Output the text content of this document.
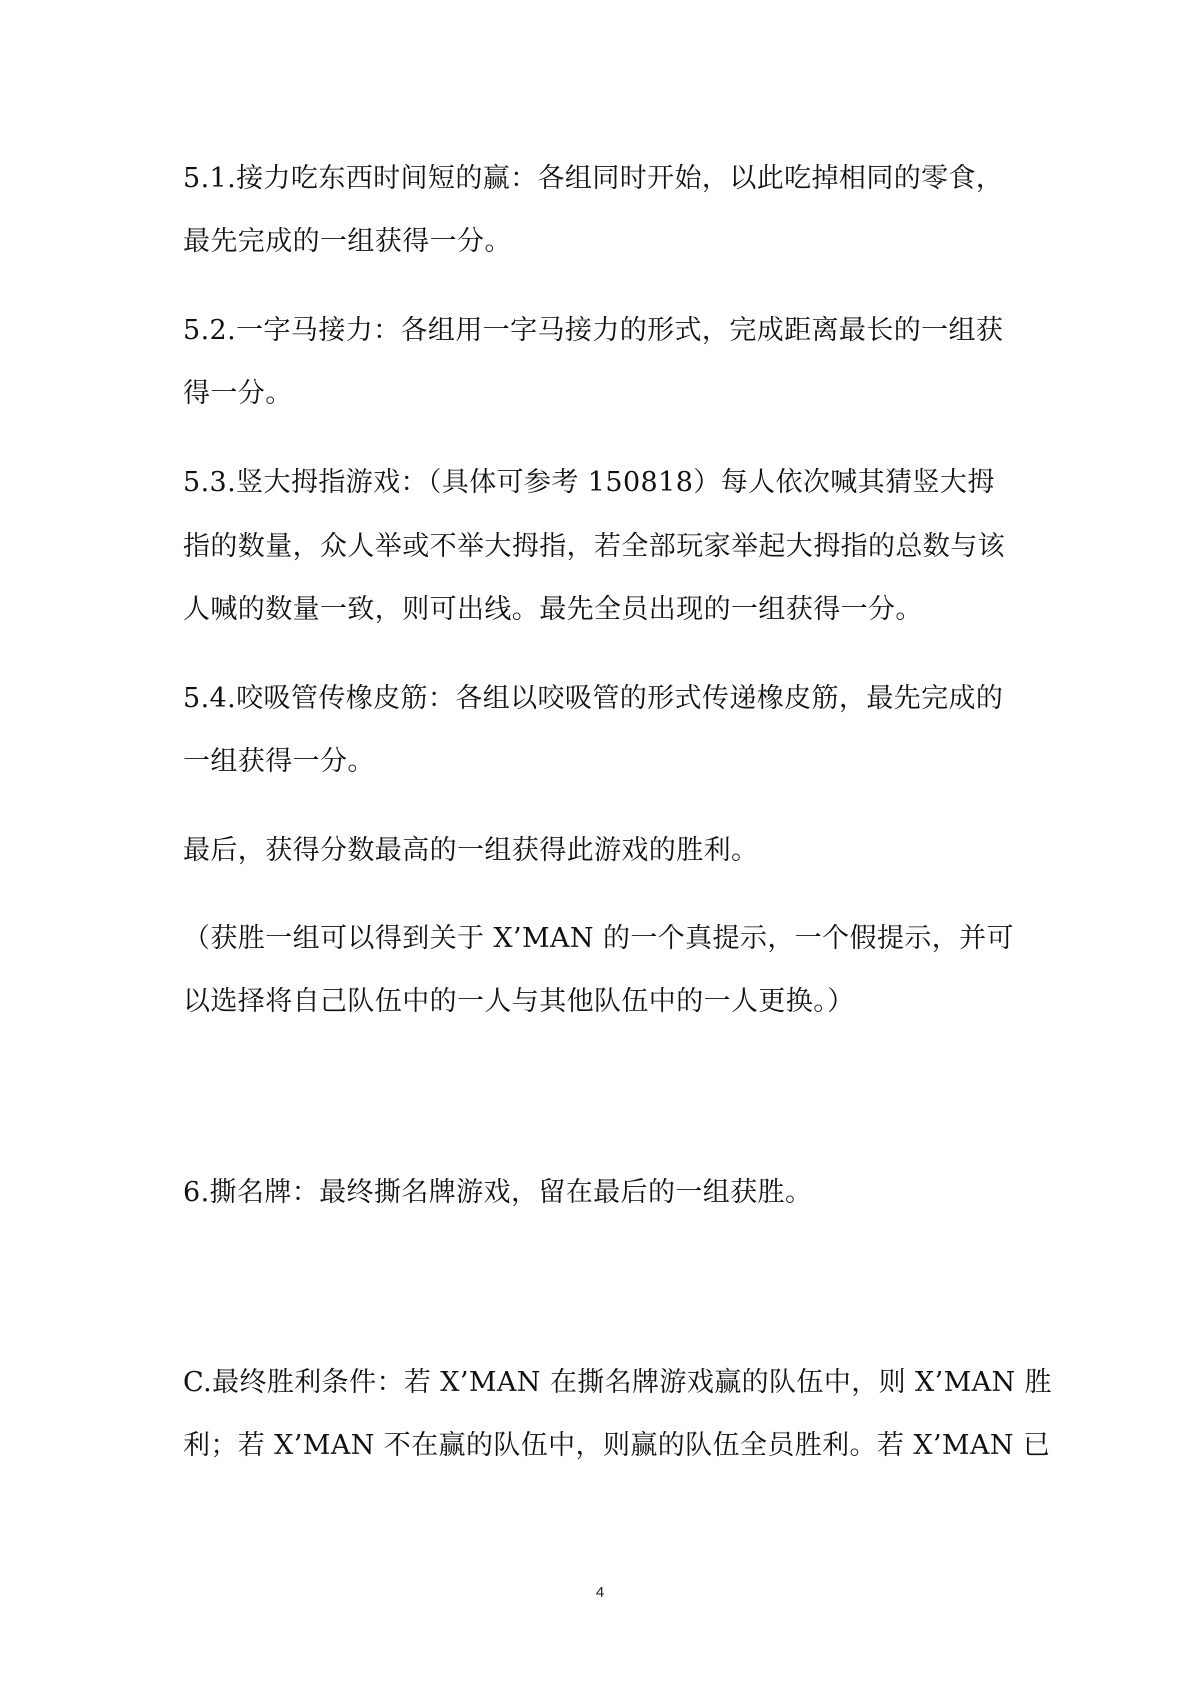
5.1.接力吃东西时间短的赢：各组同时开始，以此吃掉相同的零食，
最先完成的一组获得一分。
5.2.一字马接力：各组用一字马接力的形式，完成距离最长的一组获
得一分。
5.3.竖大拇指游戏：（具体可参考 150818）每人依次喊其猜竖大拇
指的数量，众人举或不举大拇指，若全部玩家举起大拇指的总数与该
人喊的数量一致，则可出线。最先全员出现的一组获得一分。
5.4.咬吸管传橡皮筋：各组以咬吸管的形式传递橡皮筋，最先完成的
一组获得一分。
最后，获得分数最高的一组获得此游戏的胜利。
（获胜一组可以得到关于 X’MAN 的一个真提示，一个假提示，并可
以选择将自己队伍中的一人与其他队伍中的一人更换。）
6.撕名牌：最终撕名牌游戏，留在最后的一组获胜。
C.最终胜利条件：若 X’MAN 在撕名牌游戏赢的队伍中，则 X’MAN 胜
利；若 X’MAN 不在赢的队伍中，则赢的队伍全员胜利。若 X’MAN 已
4
